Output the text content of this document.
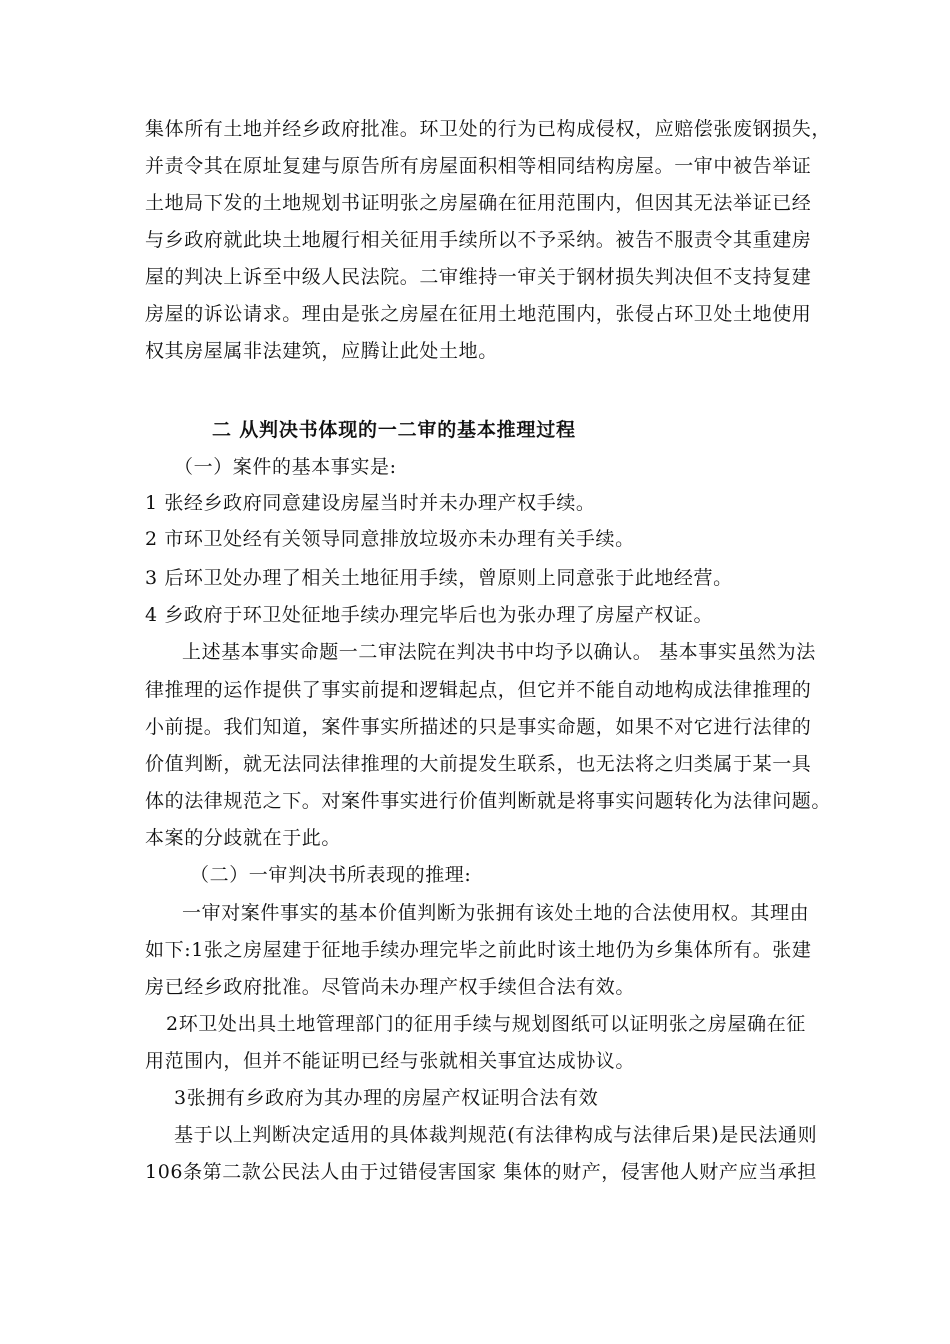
集体所有土地并经乡政府批准。环卫处的行为已构成侵权，应赔偿张废钢损失，
并责令其在原址复建与原告所有房屋面积相等相同结构房屋。一审中被告举证
土地局下发的土地规划书证明张之房屋确在征用范围内，但因其无法举证已经
与乡政府就此块土地履行相关征用手续所以不予采纳。被告不服责令其重建房
屋的判决上诉至中级人民法院。二审维持一审关于钢材损失判决但不支持复建
房屋的诉讼请求。理由是张之房屋在征用土地范围内，张侵占环卫处土地使用
权其房屋属非法建筑，应腾让此处土地。
二 从判决书体现的一二审的基本推理过程
（一）案件的基本事实是:
1 张经乡政府同意建设房屋当时并未办理产权手续。
2 市环卫处经有关领导同意排放垃圾亦未办理有关手续。
3 后环卫处办理了相关土地征用手续，曾原则上同意张于此地经营。
4 乡政府于环卫处征地手续办理完毕后也为张办理了房屋产权证。
上述基本事实命题一二审法院在判决书中均予以确认。 基本事实虽然为法
律推理的运作提供了事实前提和逻辑起点，但它并不能自动地构成法律推理的
小前提。我们知道，案件事实所描述的只是事实命题，如果不对它进行法律的
价值判断，就无法同法律推理的大前提发生联系，也无法将之归类属于某一具
体的法律规范之下。对案件事实进行价值判断就是将事实问题转化为法律问题。
本案的分歧就在于此。
（二）一审判决书所表现的推理:
一审对案件事实的基本价值判断为张拥有该处土地的合法使用权。其理由
如下:1张之房屋建于征地手续办理完毕之前此时该土地仍为乡集体所有。张建
房已经乡政府批准。尽管尚未办理产权手续但合法有效。
2环卫处出具土地管理部门的征用手续与规划图纸可以证明张之房屋确在征
用范围内，但并不能证明已经与张就相关事宜达成协议。
3张拥有乡政府为其办理的房屋产权证明合法有效
基于以上判断决定适用的具体裁判规范(有法律构成与法律后果)是民法通则
106条第二款公民法人由于过错侵害国家 集体的财产，侵害他人财产应当承担
